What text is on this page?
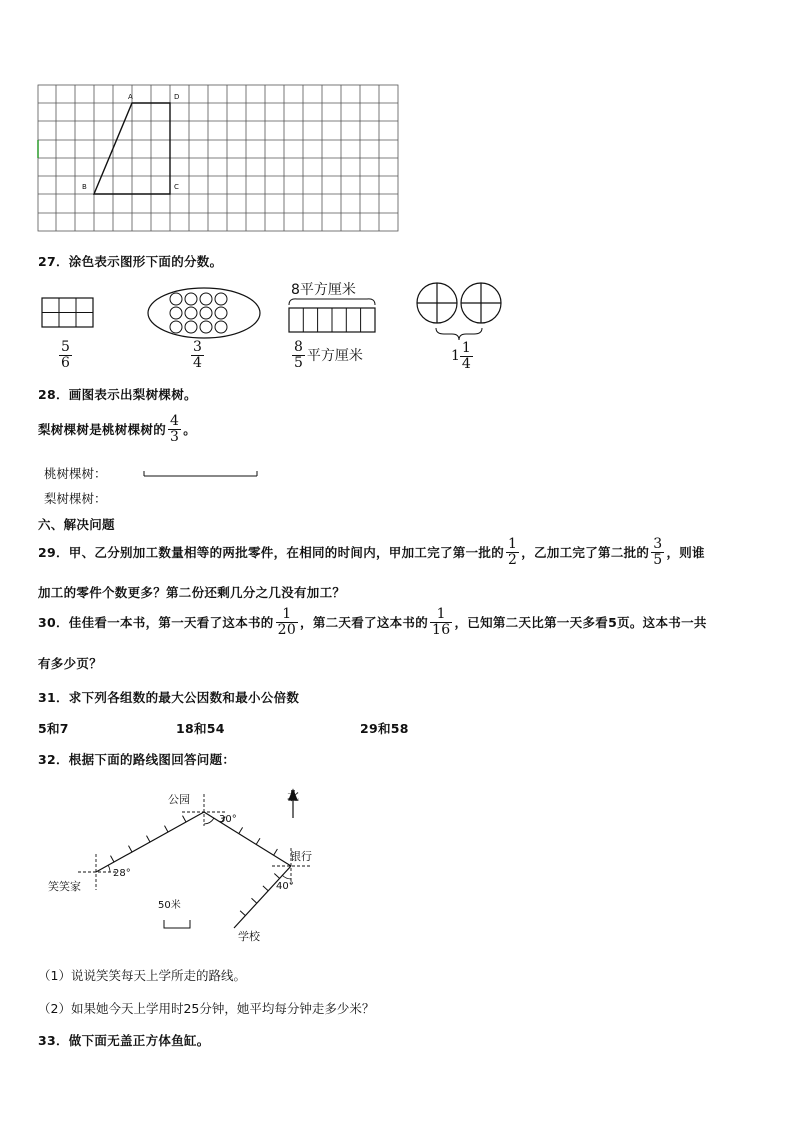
A	D
B	C
27．涂色表示图形下面的分数。
$\frac{5}{6}$	$\frac{3}{4}$
8平方厘米
$\frac{8}{5}$ 平方厘米	$1 \frac{1}{4}$
28．画图表示出梨树棵树。
梨树棵树是桃树棵树的 $\frac{4}{3}$ 。
桃树棵树：
梨树棵树：
六、解决问题
29．甲、乙分别加工数量相等的两批零件，在相同的时间内，甲加工完了第一批的 $\frac{1}{2}$ ，乙加工完了第二批的 $\frac{3}{5}$ ，则谁
加工的零件个数更多？第二份还剩几分之几没有加工？
30．佳佳看一本书，第一天看了这本书的 $\frac{1}{20}$ ，第二天看了这本书的 $\frac{1}{16}$ ，已知第二天比第一天多看5页。这本书一共
有多少页？
31．求下列各组数的最大公因数和最小公倍数
5和7	18和54	29和58
32．根据下面的路线图回答问题：
北
公园
30°
银行
40°
笑笑家
28°
50米
学校
（1）说说笑笑每天上学所走的路线。
（2）如果她今天上学用时25分钟，她平均每分钟走多少米？
33．做下面无盖正方体鱼缸。
